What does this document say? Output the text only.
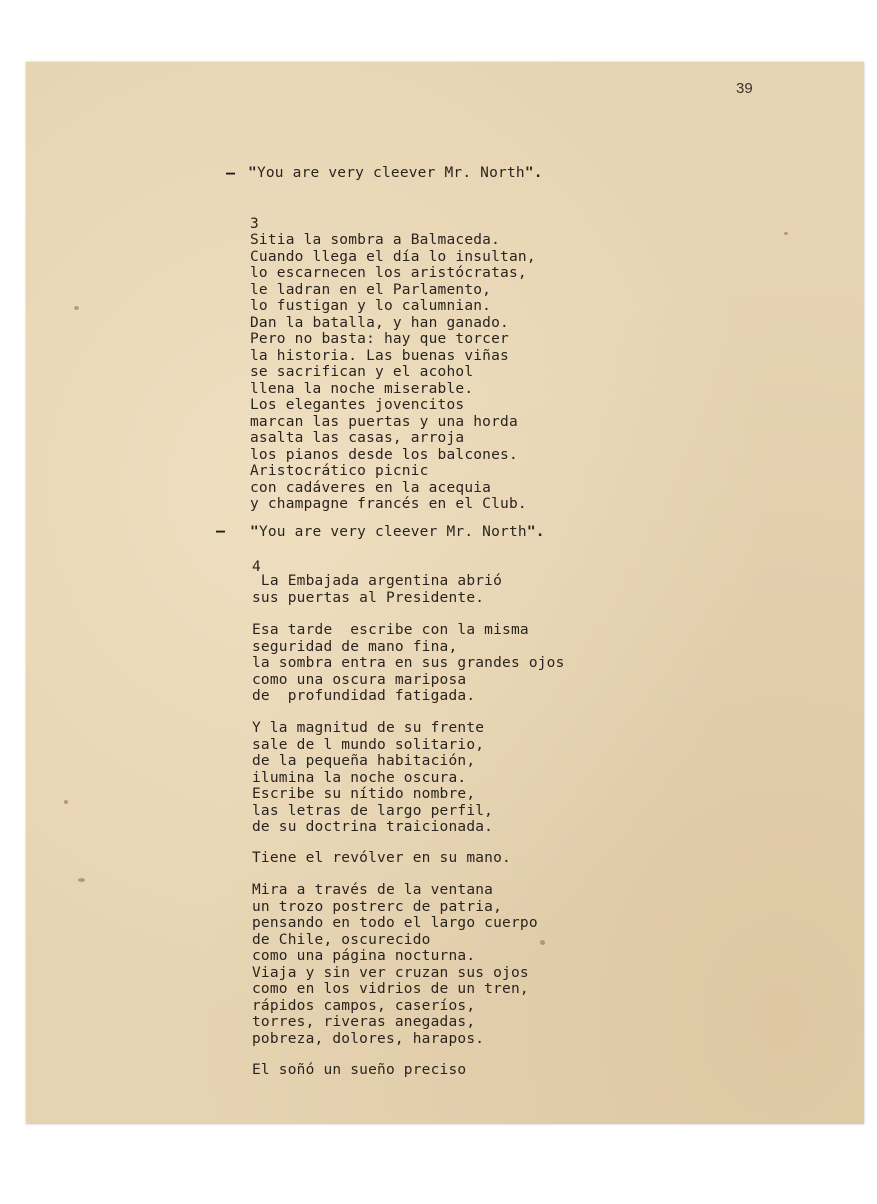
39
— "You are very cleever Mr. North".
3
Sitia la sombra a Balmaceda.
Cuando llega el día lo insultan,
lo escarnecen los aristócratas,
le ladran en el Parlamento,
lo fustigan y lo calumnian.
Dan la batalla, y han ganado.
Pero no basta: hay que torcer
la historia. Las buenas viñas
se sacrifican y el acohol
llena la noche miserable.
Los elegantes jovencitos
marcan las puertas y una horda
asalta las casas, arroja
los pianos desde los balcones.
Aristocrático picnic
con cadáveres en la acequia
y champagne francés en el Club.
— "You are very cleever Mr. North".
4
La Embajada argentina abrió
sus puertas al Presidente.
Esa tarde  escribe con la misma
seguridad de mano fina,
la sombra entra en sus grandes ojos
como una oscura mariposa
de  profundidad fatigada.
Y la magnitud de su frente
sale de l mundo solitario,
de la pequeña habitación,
ilumina la noche oscura.
Escribe su nítido nombre,
las letras de largo perfil,
de su doctrina traicionada.
Tiene el revólver en su mano.
Mira a través de la ventana
un trozo postrerc de patria,
pensando en todo el largo cuerpo
de Chile, oscurecido
como una página nocturna.
Viaja y sin ver cruzan sus ojos
como en los vidrios de un tren,
rápidos campos, caseríos,
torres, riveras anegadas,
pobreza, dolores, harapos.
El soñó un sueño preciso
